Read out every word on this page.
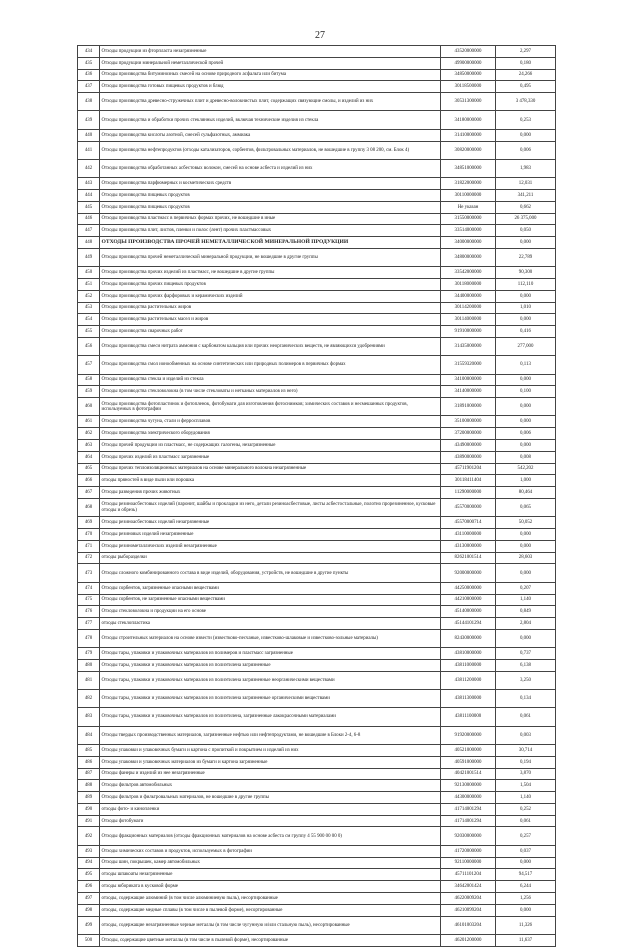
27
434	Отходы продукции из фторпласта незагрязненные	43520000000	2,297
435	Отходы продукции минеральной неметаллической прочей	49900000000	0,180
436	Отходы производства битуминозных смесей на основе природного асфальта или битума	34850000000	24,266
437	Отходы производства готовых пищевых продуктов и блюд	30118500000	0,495
438	Отходы производства древесно-стружечных плит и древесно-волокнистых плит, содержащих связующие смолы, и изделий из них	30531300000	3 478,330
439	Отходы производства и обработки прочих стеклянных изделий, включая технические изделия из стекла	34180000000	0,253
440	Отходы производства кислоты азотной, смесей сульфазотных, аммиака	31410000000	0,000
441	Отходы производства нефтепродуктов (отходы катализаторов, сорбентов, фильтровальных материалов, не вошедшие в группу 3 08 200, см. Блок 4)	30820000000	0,006
442	Отходы производства обработанных асбестовых волокон, смесей на основе асбеста и изделий из них	34851000000	1,983
443	Отходы производства парфюмерных и косметических средств	31822000000	12,031
444	Отходы производства пищевых продуктов	30110000000	341,211
445	Отходы производства пищевых продуктов	Не указан	0,662
446	Отходы производства пластмасс в первичных формах прочих, не вошедшие в иные	31550000000	26 375,000
447	Отходы производства плит, листов, пленки и полос (лент) прочих пластмассовых	33514000000	0,050
448	ОТХОДЫ ПРОИЗВОДСТВА ПРОЧЕЙ НЕМЕТАЛЛИЧЕСКОЙ МИНЕРАЛЬНОЙ ПРОДУКЦИИ	34000000000	0,000
449	Отходы производства прочей неметаллической минеральной продукции, не вошедшие в другие группы	34800000000	22,789
450	Отходы производства прочих изделий из пластмасс, не вошедшие в другие группы	33542000000	90,300
451	Отходы производства прочих пищевых продуктов	30118000000	112,110
452	Отходы производства прочих фарфоровых и керамических изделий	34400000000	0,000
453	Отходы производства растительных жиров	30114200000	1,010
454	Отходы производства растительных масел и жиров	30114000000	0,000
455	Отходы производства сварочных работ	91910000000	0,416
456	Отходы производства смеси нитрата аммония с карбонатом кальция или прочих неорганических веществ, не являющихся удобрениями	31435000000	277,000
457	Отходы производства смол ионообменных на основе синтетических или природных полимеров в первичных формах	31559320000	0,113
458	Отходы производства стекла и изделий из стекла	34100000000	0,000
459	Отходы производства стекловолокна (в том числе стекловаты и нетканых материалов из него)	34140000000	0,100
460	Отходы производства фотопластинок и фотопленок, фотобумаги для изготовления фотоснимков; химических составов и несмешанных продуктов, используемых в фотографии	31891000000	0,000
461	Отходы производства чугуна, стали и ферросплавов	35100000000	0,000
462	Отходы производства электрического оборудования	37200000000	0,006
463	Отходы прочей продукции из пластмасс, не содержащих галогены, незагрязненные	43490000000	0,000
464	Отходы прочих изделий из пластмасс загрязненные	43890000000	0,008
465	Отходы прочих теплоизоляционных материалов на основе минерального волокна незагрязненные	45711901204	542,202
466	отходы пряностей в виде пыли или порошка	30118411404	1,000
467	Отходы разведения прочих животных	11290000000	80,464
468	Отходы резиноасбестовых изделий (паронит, шайбы и прокладки из него, детали резиноасбестовые, листы асбестостальные, полотно прорезиненное, кусковые отходы и обрезь)	45570000000	0,065
469	Отходы резиноасбестовых изделий незагрязненные	45570000714	50,052
470	Отходы резиновых изделий незагрязненные	43110000000	0,000
471	Отходы резинометаллических изделий незагрязненные	43130000000	0,000
472	отходы рыборазделки	82621001514	28,603
473	Отходы сложного комбинированного состава в виде изделий, оборудования, устройств, не вошедшие в другие пункты	92000000000	0,000
474	Отходы сорбентов, загрязненные опасными веществами	44250000000	0,207
475	Отходы сорбентов, не загрязненные опасными веществами	44210000000	1,140
476	Отходы стекловолокна и продукции на его основе	45140000000	0,849
477	отходы стеклопластика	45144101294	2,804
478	Отходы строительных материалов на основе извести (известково-песчаные, известково-шлаковые и известково-зольные материалы)	82430000000	0,000
479	Отходы тары, упаковки и упаковочных материалов из полимеров и пластмасс загрязненные	43810000000	0,737
480	Отходы тары, упаковки и упаковочных материалов из полиэтилена загрязненные	43811000000	6,138
481	Отходы тары, упаковки и упаковочных материалов из полиэтилена загрязненные неорганическими веществами	43811200000	3,250
482	Отходы тары, упаковки и упаковочных материалов из полиэтилена загрязненные органическими веществами	43811300000	0,134
483	Отходы тары, упаковки и упаковочных материалов из полиэтилена, загрязненные лакокрасочными материалами	43811100000	0,061
484	Отходы твердых производственных материалов, загрязненные нефтью или нефтепродуктами, не вошедшие в Блоки 2-4, 6-8	91920000000	0,003
485	Отходы упаковки и упаковочных бумаги и картона с пропиткой и покрытием и изделий из них	40521000000	30,714
486	Отходы упаковки и упаковочных материалов из бумаги и картона загрязненные	40591000000	0,194
487	Отходы фанеры и изделий из нее незагрязненные	40421001514	3,870
488	Отходы фильтров автомобильных	92130000000	1,504
489	Отходы фильтров и фильтровальных материалов, не вошедшие в другие группы	44300000000	1,140
490	отходы фото- и кинопленки	41714001294	0,252
491	Отходы фотобумаги	41714001294	0,061
492	Отходы фракционных материалов (отходы фракционных материалов на основе асбеста см группу 4 55 900 00 00 0)	92030000000	0,257
493	Отходы химических составов и продуктов, используемых в фотографии	41720000000	0,037
494	Отходы шин, покрышек, камер автомобильных	92110000000	0,000
495	отходы шпакоаты незагрязненные	45711101204	94,517
496	отходы юбориката в кусковой форме	34642001424	6,244
497	отходы, содержащие алюминий (в том числе алюминиевую пыль), несортированные	46220009204	1,256
498	отходы, содержащие медные сплавы (в том числе в пылевой форме), несортированные	46210099204	0,000
499	отходы, содержащие незагрязненные черные металлы (в том числе чугунную и/или стальную пыль), несортированные	46101003204	11,326
500	Отходы, содержащие цветные металлы (в том числе в пылевой форме), несортированные	46201200000	11,637
